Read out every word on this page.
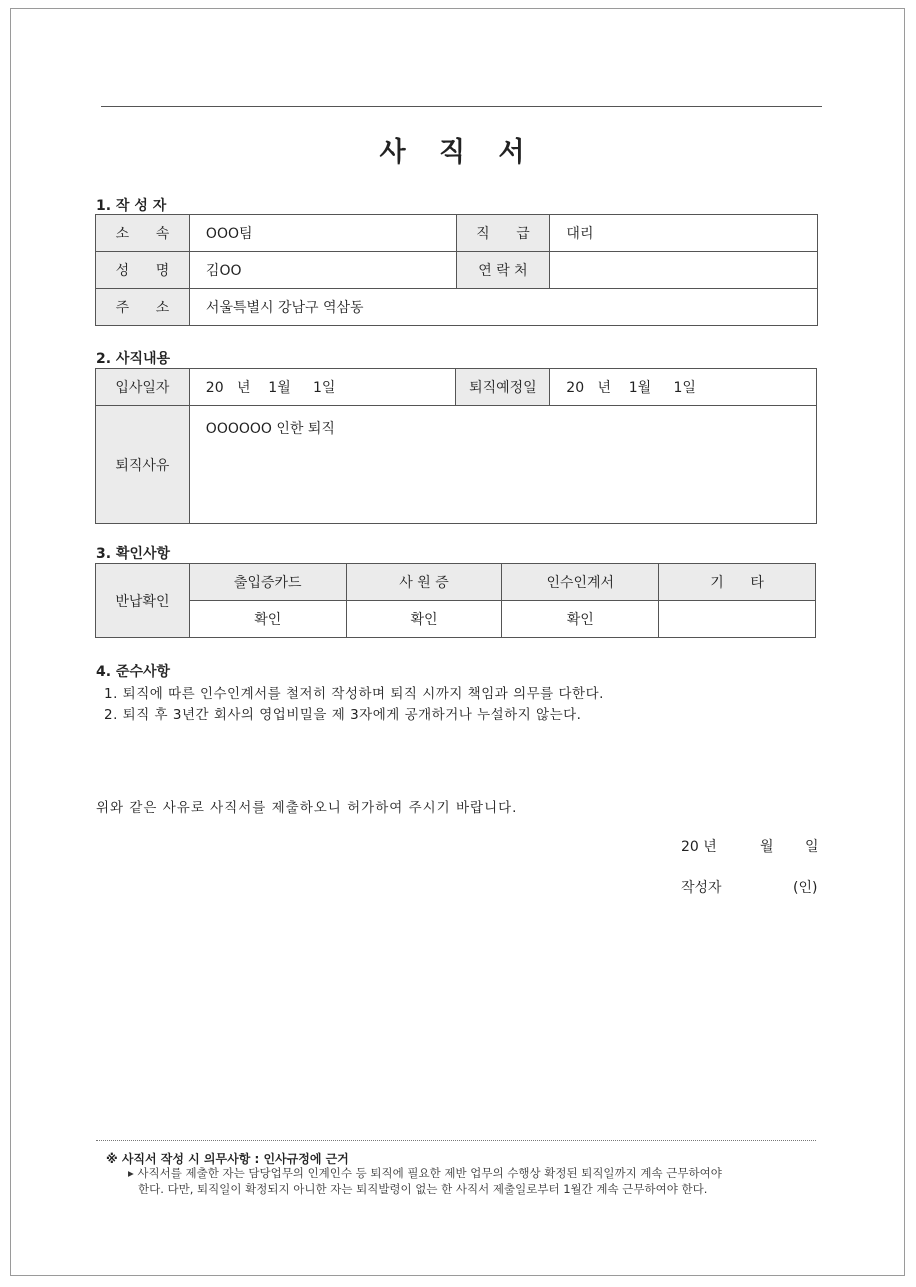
사 직 서
1. 작 성 자
소      속	OOO팀	직      급	대리
성      명	김OO	연 락 처	
주      소	서울특별시 강남구 역삼동		
2. 사직내용
입사일자	20   년    1월     1일	퇴직예정일	20   년    1월     1일
퇴직사유	OOOOOO 인한 퇴직		
3. 확인사항
반납확인	출입증카드	사 원 증	인수인계서	기      타
	확인	확인	확인	
4. 준수사항
1. 퇴직에 따른 인수인계서를 철저히 작성하며 퇴직 시까지 책임과 의무를 다한다.
2. 퇴직 후 3년간 회사의 영업비밀을 제 3자에게 공개하거나 누설하지 않는다.
위와 같은 사유로 사직서를 제출하오니 허가하여 주시기 바랍니다.
20 년	월 일
작성자	(인)
※ 사직서 작성 시 의무사항 : 인사규정에 근거
▸ 사직서를 제출한 자는 담당업무의 인계인수 등 퇴직에 필요한 제반 업무의 수행상 확정된 퇴직일까지 계속 근무하여야
한다. 다만, 퇴직일이 확정되지 아니한 자는 퇴직발령이 없는 한 사직서 제출일로부터 1월간 계속 근무하여야 한다.
